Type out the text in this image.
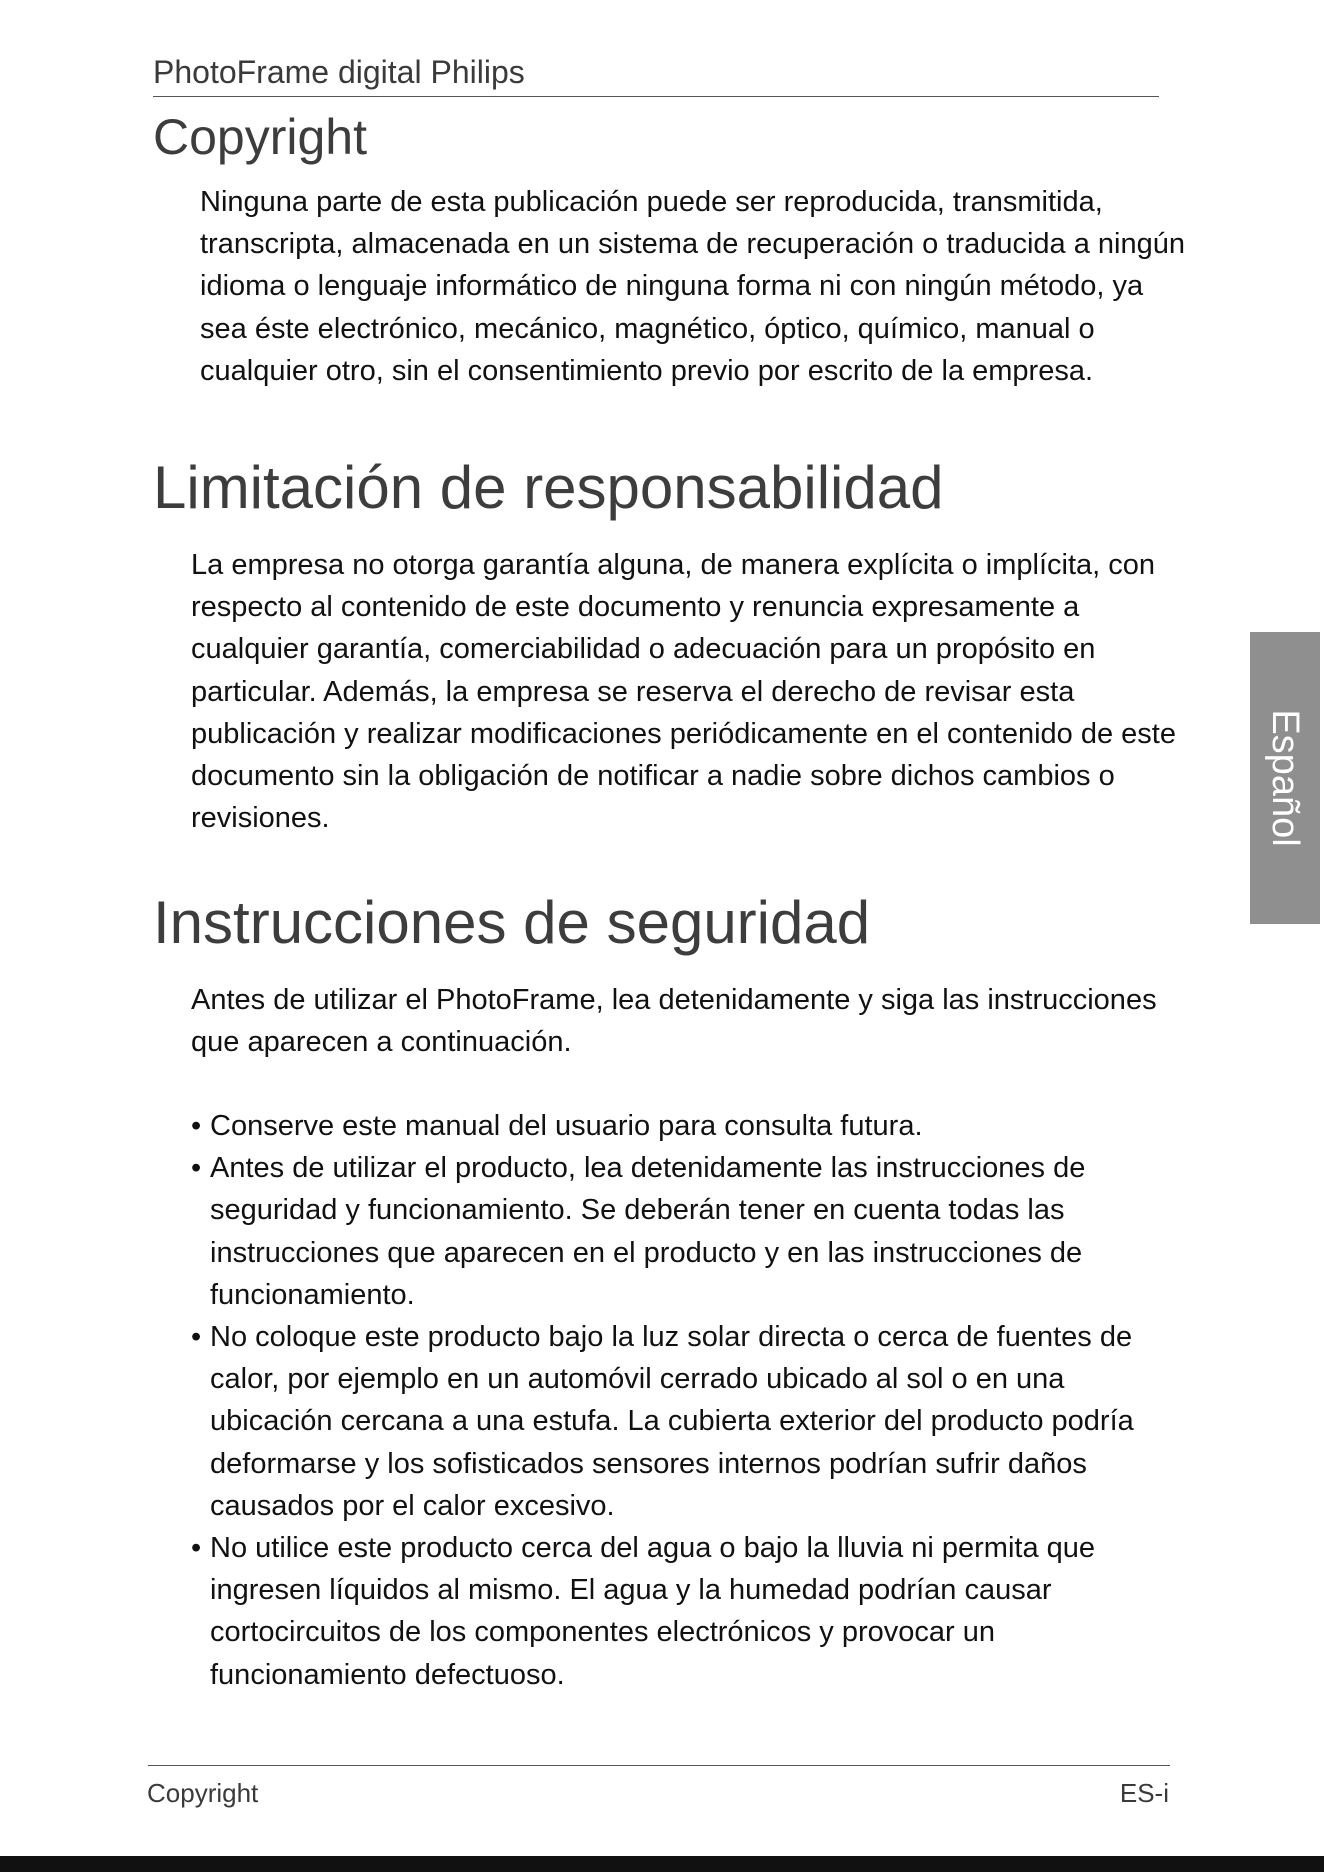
PhotoFrame digital Philips
Copyright

Ninguna parte de esta publicación puede ser reproducida, transmitida, transcripta, almacenada en un sistema de recuperación o traducida a ningún idioma o lenguaje informático de ninguna forma ni con ningún método, ya sea éste electrónico, mecánico, magnético, óptico, químico, manual o cualquier otro, sin el consentimiento previo por escrito de la empresa.

Limitación de responsabilidad

La empresa no otorga garantía alguna, de manera explícita o implícita, con respecto al contenido de este documento y renuncia expresamente a cualquier garantía, comerciabilidad o adecuación para un propósito en particular. Además, la empresa se reserva el derecho de revisar esta publicación y realizar modificaciones periódicamente en el contenido de este documento sin la obligación de notificar a nadie sobre dichos cambios o revisiones.

Instrucciones de seguridad

Antes de utilizar el PhotoFrame, lea detenidamente y siga las instrucciones que aparecen a continuación.

• Conserve este manual del usuario para consulta futura.
• Antes de utilizar el producto, lea detenidamente las instrucciones de seguridad y funcionamiento. Se deberán tener en cuenta todas las instrucciones que aparecen en el producto y en las instrucciones de funcionamiento.
• No coloque este producto bajo la luz solar directa o cerca de fuentes de calor, por ejemplo en un automóvil cerrado ubicado al sol o en una ubicación cercana a una estufa. La cubierta exterior del producto podría deformarse y los sofisticados sensores internos podrían sufrir daños causados por el calor excesivo.
• No utilice este producto cerca del agua o bajo la lluvia ni permita que ingresen líquidos al mismo. El agua y la humedad podrían causar cortocircuitos de los componentes electrónicos y provocar un funcionamiento defectuoso.
Español
Copyright	ES-i
